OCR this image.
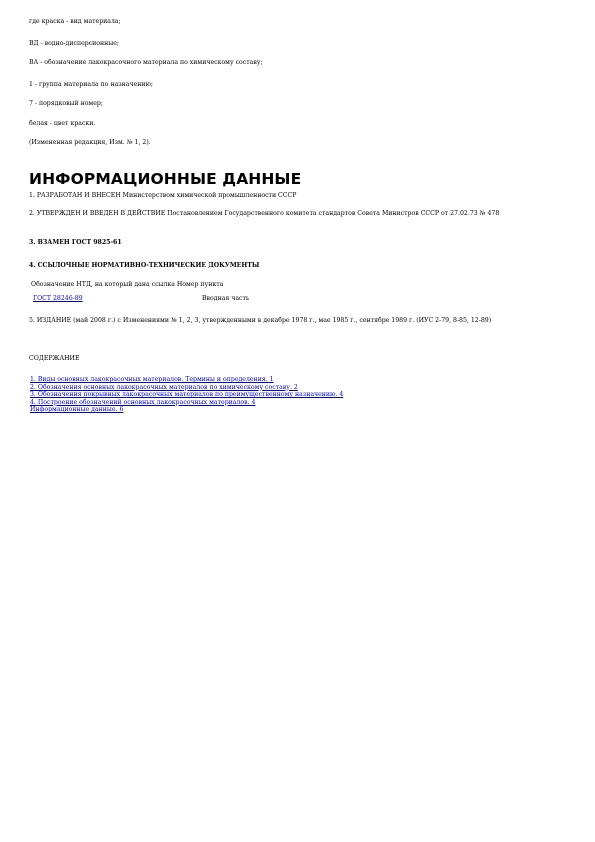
где краска - вид материала;

ВД - водно-дисперсионные;

ВА - обозначение лакокрасочного материала по химическому составу;

1 - группа материала по назначению;

7 - порядковый номер;

белая - цвет краски.

(Измененная редакция, Изм. № 1, 2).

ИНФОРМАЦИОННЫЕ ДАННЫЕ

1. РАЗРАБОТАН И ВНЕСЕН Министерством химической промышленности СССР

2. УТВЕРЖДЕН И ВВЕДЕН В ДЕЙСТВИЕ Постановлением Государственного комитета стандартов Совета Министров СССР от 27.02.73 № 478

3. ВЗАМЕН ГОСТ 9825-61

4. ССЫЛОЧНЫЕ НОРМАТИВНО-ТЕХНИЧЕСКИЕ ДОКУМЕНТЫ

Обозначение НТД, на который дана ссылка Номер пункта
ГОСТ 28246-89	Вводная часть

5. ИЗДАНИЕ (май 2008 г.) с Изменениями № 1, 2, 3, утвержденными в декабре 1978 г., мае 1985 г., сентябре 1989 г. (ИУС 2-79, 8-85, 12-89)

СОДЕРЖАНИЕ

1. Виды основных лакокрасочных материалов. Термины и определения. 1
2. Обозначения основных лакокрасочных материалов по химическому составу. 2
3. Обозначения покрывных лакокрасочных материалов по преимущественному назначению. 4
4. Построение обозначений основных лакокрасочных материалов. 4
Информационные данные. 6
